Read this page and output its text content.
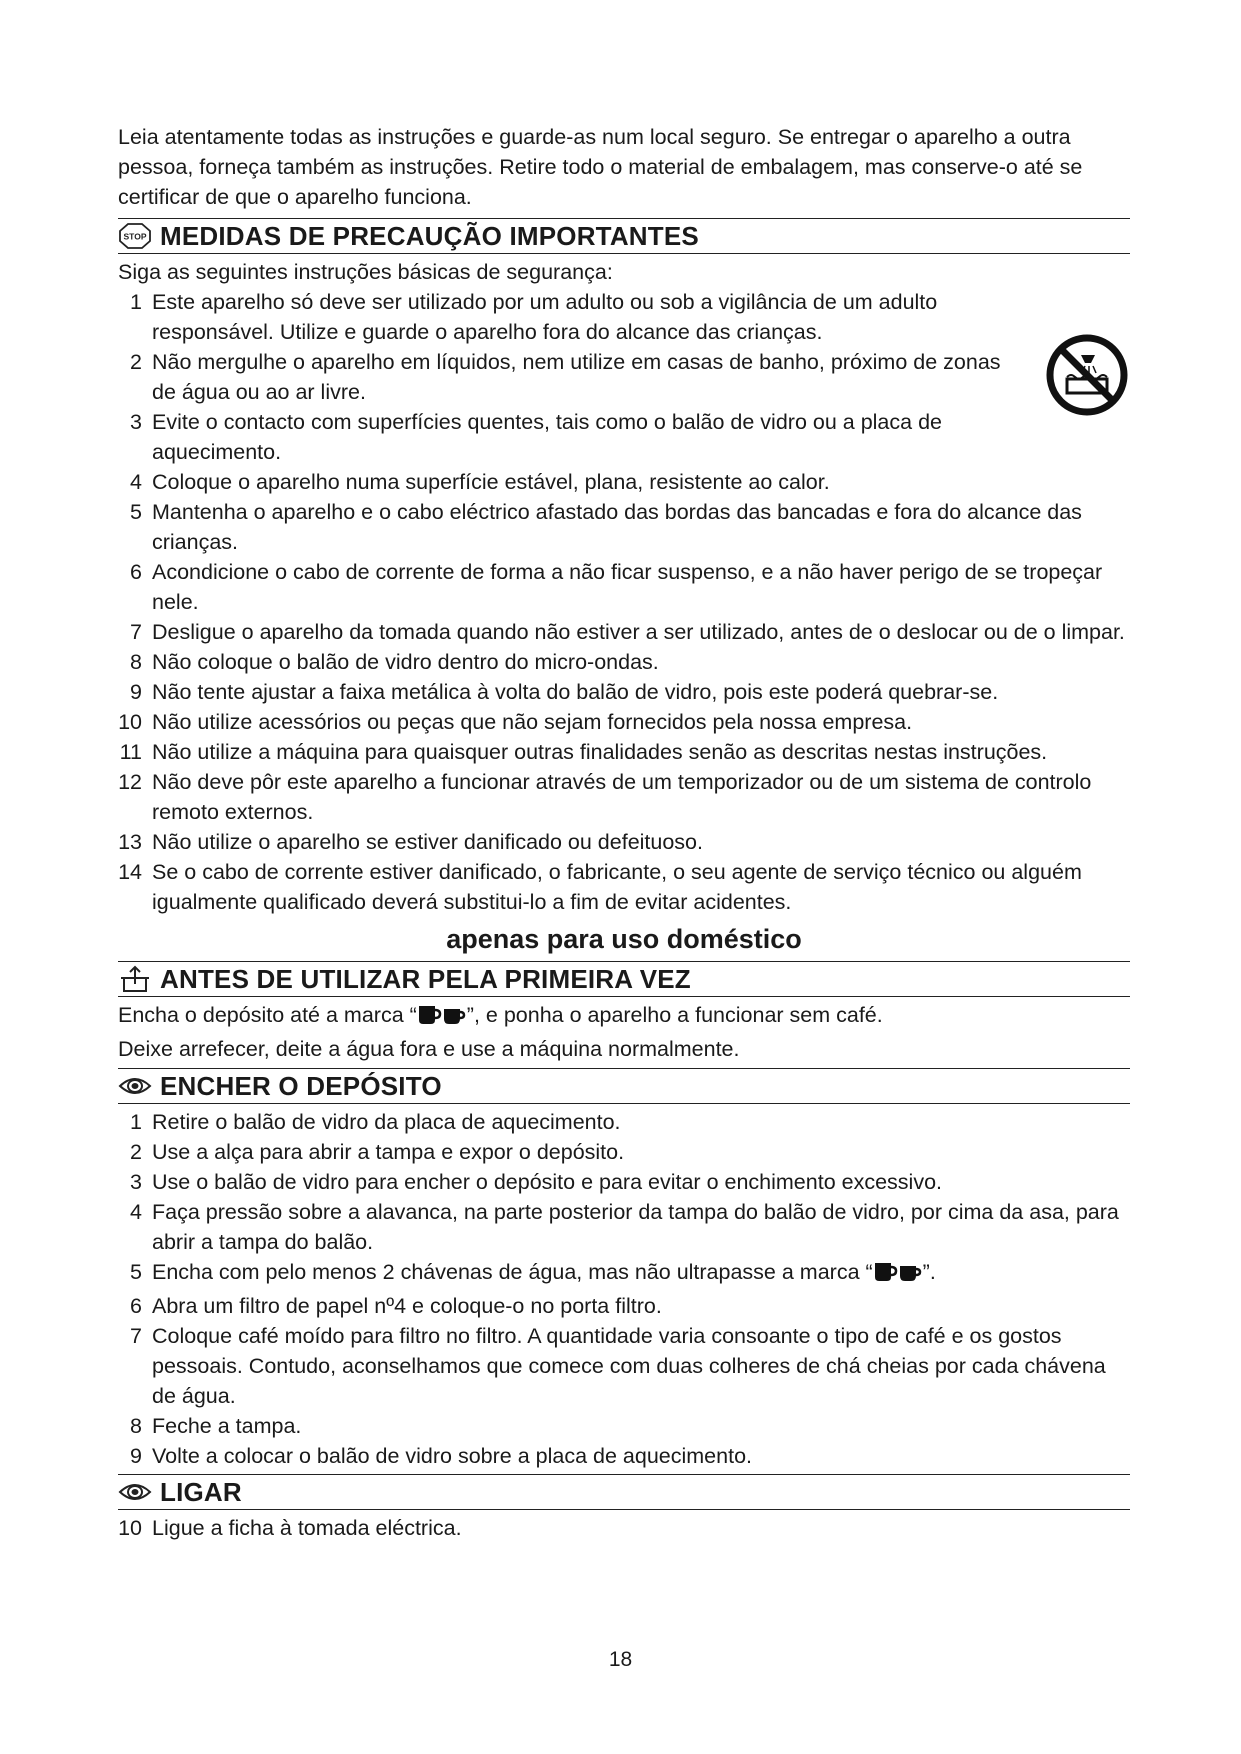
Leia atentamente todas as instruções e guarde-as num local seguro. Se entregar o aparelho a outra pessoa, forneça também as instruções. Retire todo o material de embalagem, mas conserve-o até se certificar de que o aparelho funciona.

STOP MEDIDAS DE PRECAUÇÃO IMPORTANTES

Siga as seguintes instruções básicas de segurança:

1 Este aparelho só deve ser utilizado por um adulto ou sob a vigilância de um adulto responsável. Utilize e guarde o aparelho fora do alcance das crianças.
2 Não mergulhe o aparelho em líquidos, nem utilize em casas de banho, próximo de zonas de água ou ao ar livre.
3 Evite o contacto com superfícies quentes, tais como o balão de vidro ou a placa de aquecimento.
4 Coloque o aparelho numa superfície estável, plana, resistente ao calor.
5 Mantenha o aparelho e o cabo eléctrico afastado das bordas das bancadas e fora do alcance das crianças.
6 Acondicione o cabo de corrente de forma a não ficar suspenso, e a não haver perigo de se tropeçar nele.
7 Desligue o aparelho da tomada quando não estiver a ser utilizado, antes de o deslocar ou de o limpar.
8 Não coloque o balão de vidro dentro do micro-ondas.
9 Não tente ajustar a faixa metálica à volta do balão de vidro, pois este poderá quebrar-se.
10 Não utilize acessórios ou peças que não sejam fornecidos pela nossa empresa.
11 Não utilize a máquina para quaisquer outras finalidades senão as descritas nestas instruções.
12 Não deve pôr este aparelho a funcionar através de um temporizador ou de um sistema de controlo remoto externos.
13 Não utilize o aparelho se estiver danificado ou defeituoso.
14 Se o cabo de corrente estiver danificado, o fabricante, o seu agente de serviço técnico ou alguém igualmente qualificado deverá substitui-lo a fim de evitar acidentes.
apenas para uso doméstico
ANTES DE UTILIZAR PELA PRIMEIRA VEZ

Encha o depósito até a marca “ ”, e ponha o aparelho a funcionar sem café.

Deixe arrefecer, deite a água fora e use a máquina normalmente.

ENCHER O DEPÓSITO
1 Retire o balão de vidro da placa de aquecimento.
2 Use a alça para abrir a tampa e expor o depósito.
3 Use o balão de vidro para encher o depósito e para evitar o enchimento excessivo.
4 Faça pressão sobre a alavanca, na parte posterior da tampa do balão de vidro, por cima da asa, para abrir a tampa do balão.
5 Encha com pelo menos 2 chávenas de água, mas não ultrapasse a marca “ ”.
6 Abra um filtro de papel nº4 e coloque-o no porta filtro.
7 Coloque café moído para filtro no filtro. A quantidade varia consoante o tipo de café e os gostos pessoais. Contudo, aconselhamos que comece com duas colheres de chá cheias por cada chávena de água.
8 Feche a tampa.
9 Volte a colocar o balão de vidro sobre a placa de aquecimento.
LIGAR
10 Ligue a ficha à tomada eléctrica.
18
